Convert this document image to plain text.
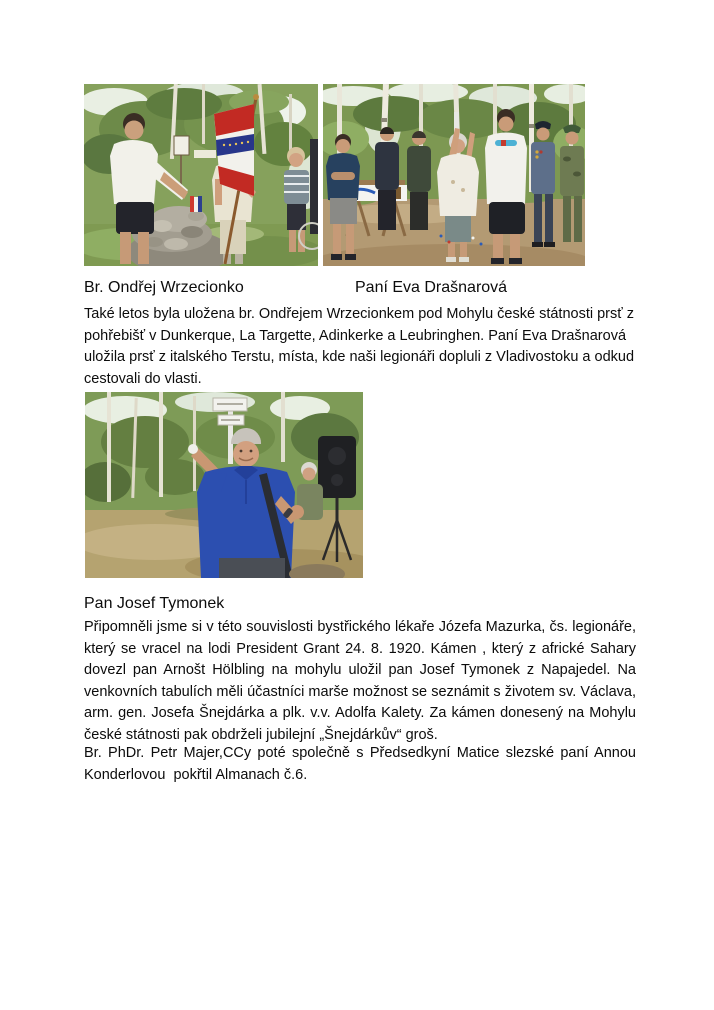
Br. Ondřej Wrzecionko	Paní Eva Drašnarová

Také letos byla uložena br. Ondřejem Wrzecionkem pod Mohylu české státnosti prsť z pohřebišť v Dunkerque, La Targette, Adinkerke a Leubringhen. Paní Eva Drašnarová uložila prsť z italského Terstu, místa, kde naši legionáři dopluli z Vladivostoku a odkud cestovali do vlasti.

Pan Josef Tymonek

Připomněli jsme si v této souvislosti bystřického lékaře Józefa Mazurka, čs. legionáře, který se vracel na lodi President Grant 24. 8. 1920. Kámen , který z africké Sahary dovezl pan Arnošt Hölbling na mohylu uložil pan Josef Tymonek z Napajedel. Na venkovních tabulích měli účastníci marše možnost se seznámit s životem sv. Václava, arm. gen. Josefa Šnejdárka a plk. v.v. Adolfa Kalety. Za kámen donesený na Mohylu české státnosti pak obdrželi jubilejní „Šnejdárkův“ groš.

Br. PhDr. Petr Majer,CCy poté společně s Předsedkyní Matice slezské paní Annou Konderlovou  pokřtil Almanach č.6.
